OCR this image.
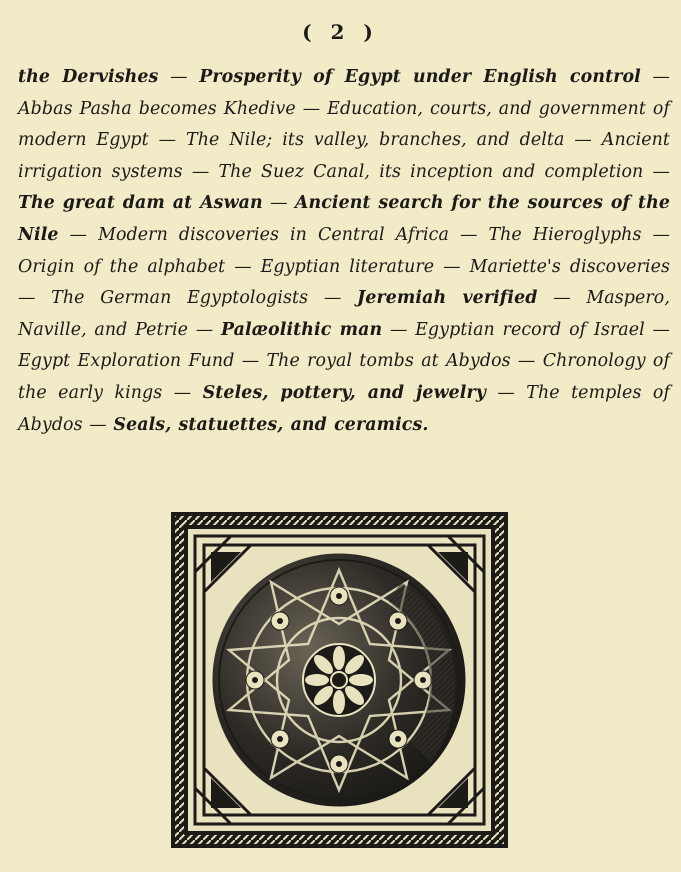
( 2 )
the Dervishes — Prosperity of Egypt under English control — Abbas Pasha becomes Khedive — Education, courts, and government of modern Egypt — The Nile; its valley, branches, and delta — Ancient irrigation systems — The Suez Canal, its inception and completion — The great dam at Aswan — Ancient search for the sources of the Nile — Modern discoveries in Central Africa — The Hieroglyphs — Origin of the alphabet — Egyptian literature — Mariette's discoveries — The German Egyptologists — Jeremiah verified — Maspero, Naville, and Petrie — Palæolithic man — Egyptian record of Israel — Egypt Exploration Fund — The royal tombs at Abydos — Chronology of the early kings — Steles, pottery, and jewelry — The temples of Abydos — Seals, statuettes, and ceramics.
